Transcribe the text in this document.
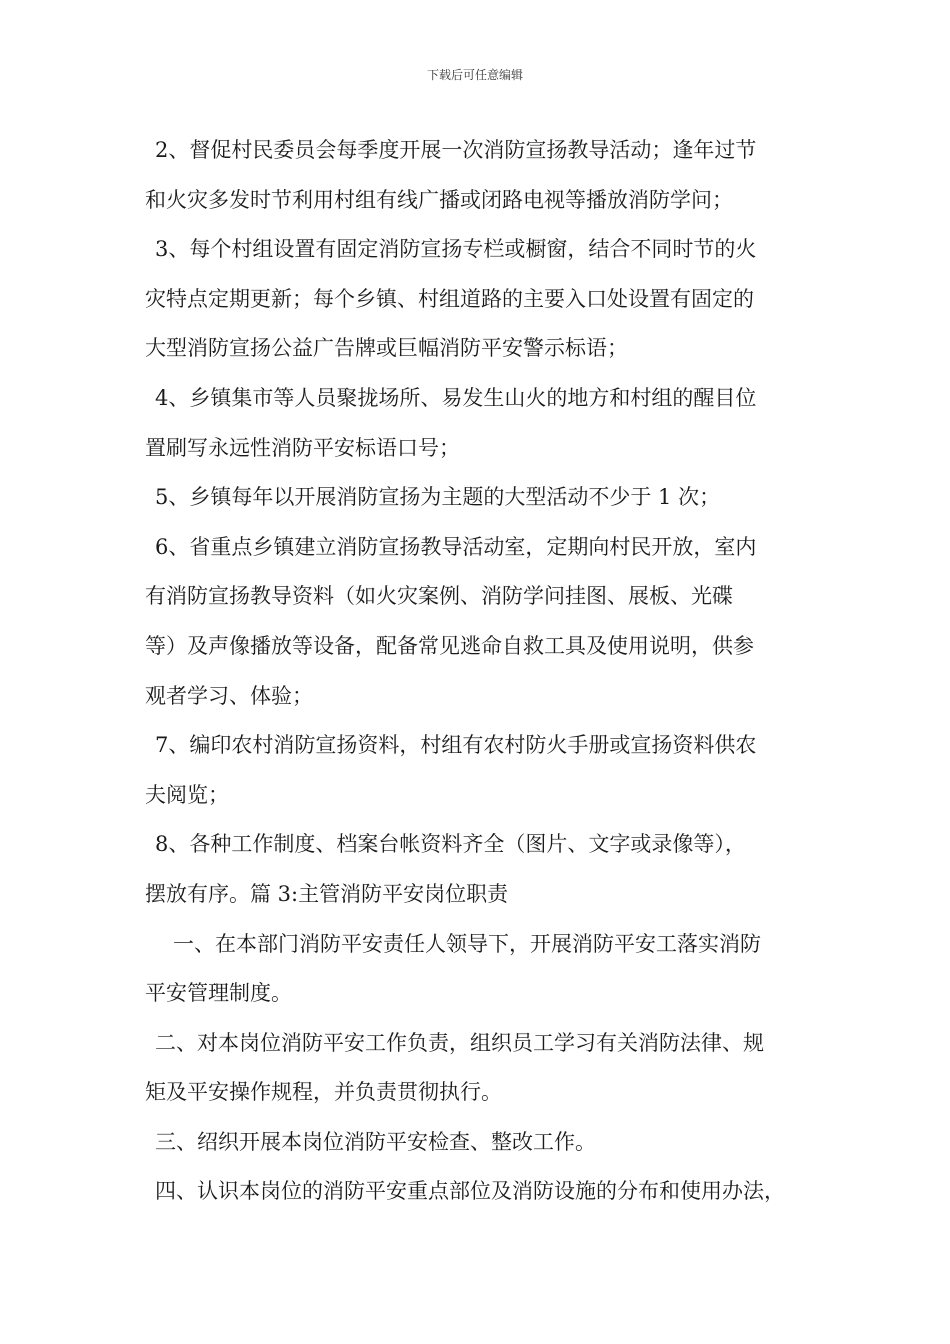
下载后可任意编辑
2、督促村民委员会每季度开展一次消防宣扬教导活动；逢年过节
和火灾多发时节利用村组有线广播或闭路电视等播放消防学问；
3、每个村组设置有固定消防宣扬专栏或橱窗，结合不同时节的火
灾特点定期更新；每个乡镇、村组道路的主要入口处设置有固定的
大型消防宣扬公益广告牌或巨幅消防平安警示标语；
4、乡镇集市等人员聚拢场所、易发生山火的地方和村组的醒目位
置刷写永远性消防平安标语口号；
5、乡镇每年以开展消防宣扬为主题的大型活动不少于 1 次；
6、省重点乡镇建立消防宣扬教导活动室，定期向村民开放，室内
有消防宣扬教导资料（如火灾案例、消防学问挂图、展板、光碟
等）及声像播放等设备，配备常见逃命自救工具及使用说明，供参
观者学习、体验；
7、编印农村消防宣扬资料，村组有农村防火手册或宣扬资料供农
夫阅览；
8、各种工作制度、档案台帐资料齐全（图片、文字或录像等），
摆放有序。篇 3:主管消防平安岗位职责
一、在本部门消防平安责任人领导下，开展消防平安工落实消防
平安管理制度。
二、对本岗位消防平安工作负责，组织员工学习有关消防法律、规
矩及平安操作规程，并负责贯彻执行。
三、绍织开展本岗位消防平安检查、整改工作。
四、认识本岗位的消防平安重点部位及消防设施的分布和使用办法，
